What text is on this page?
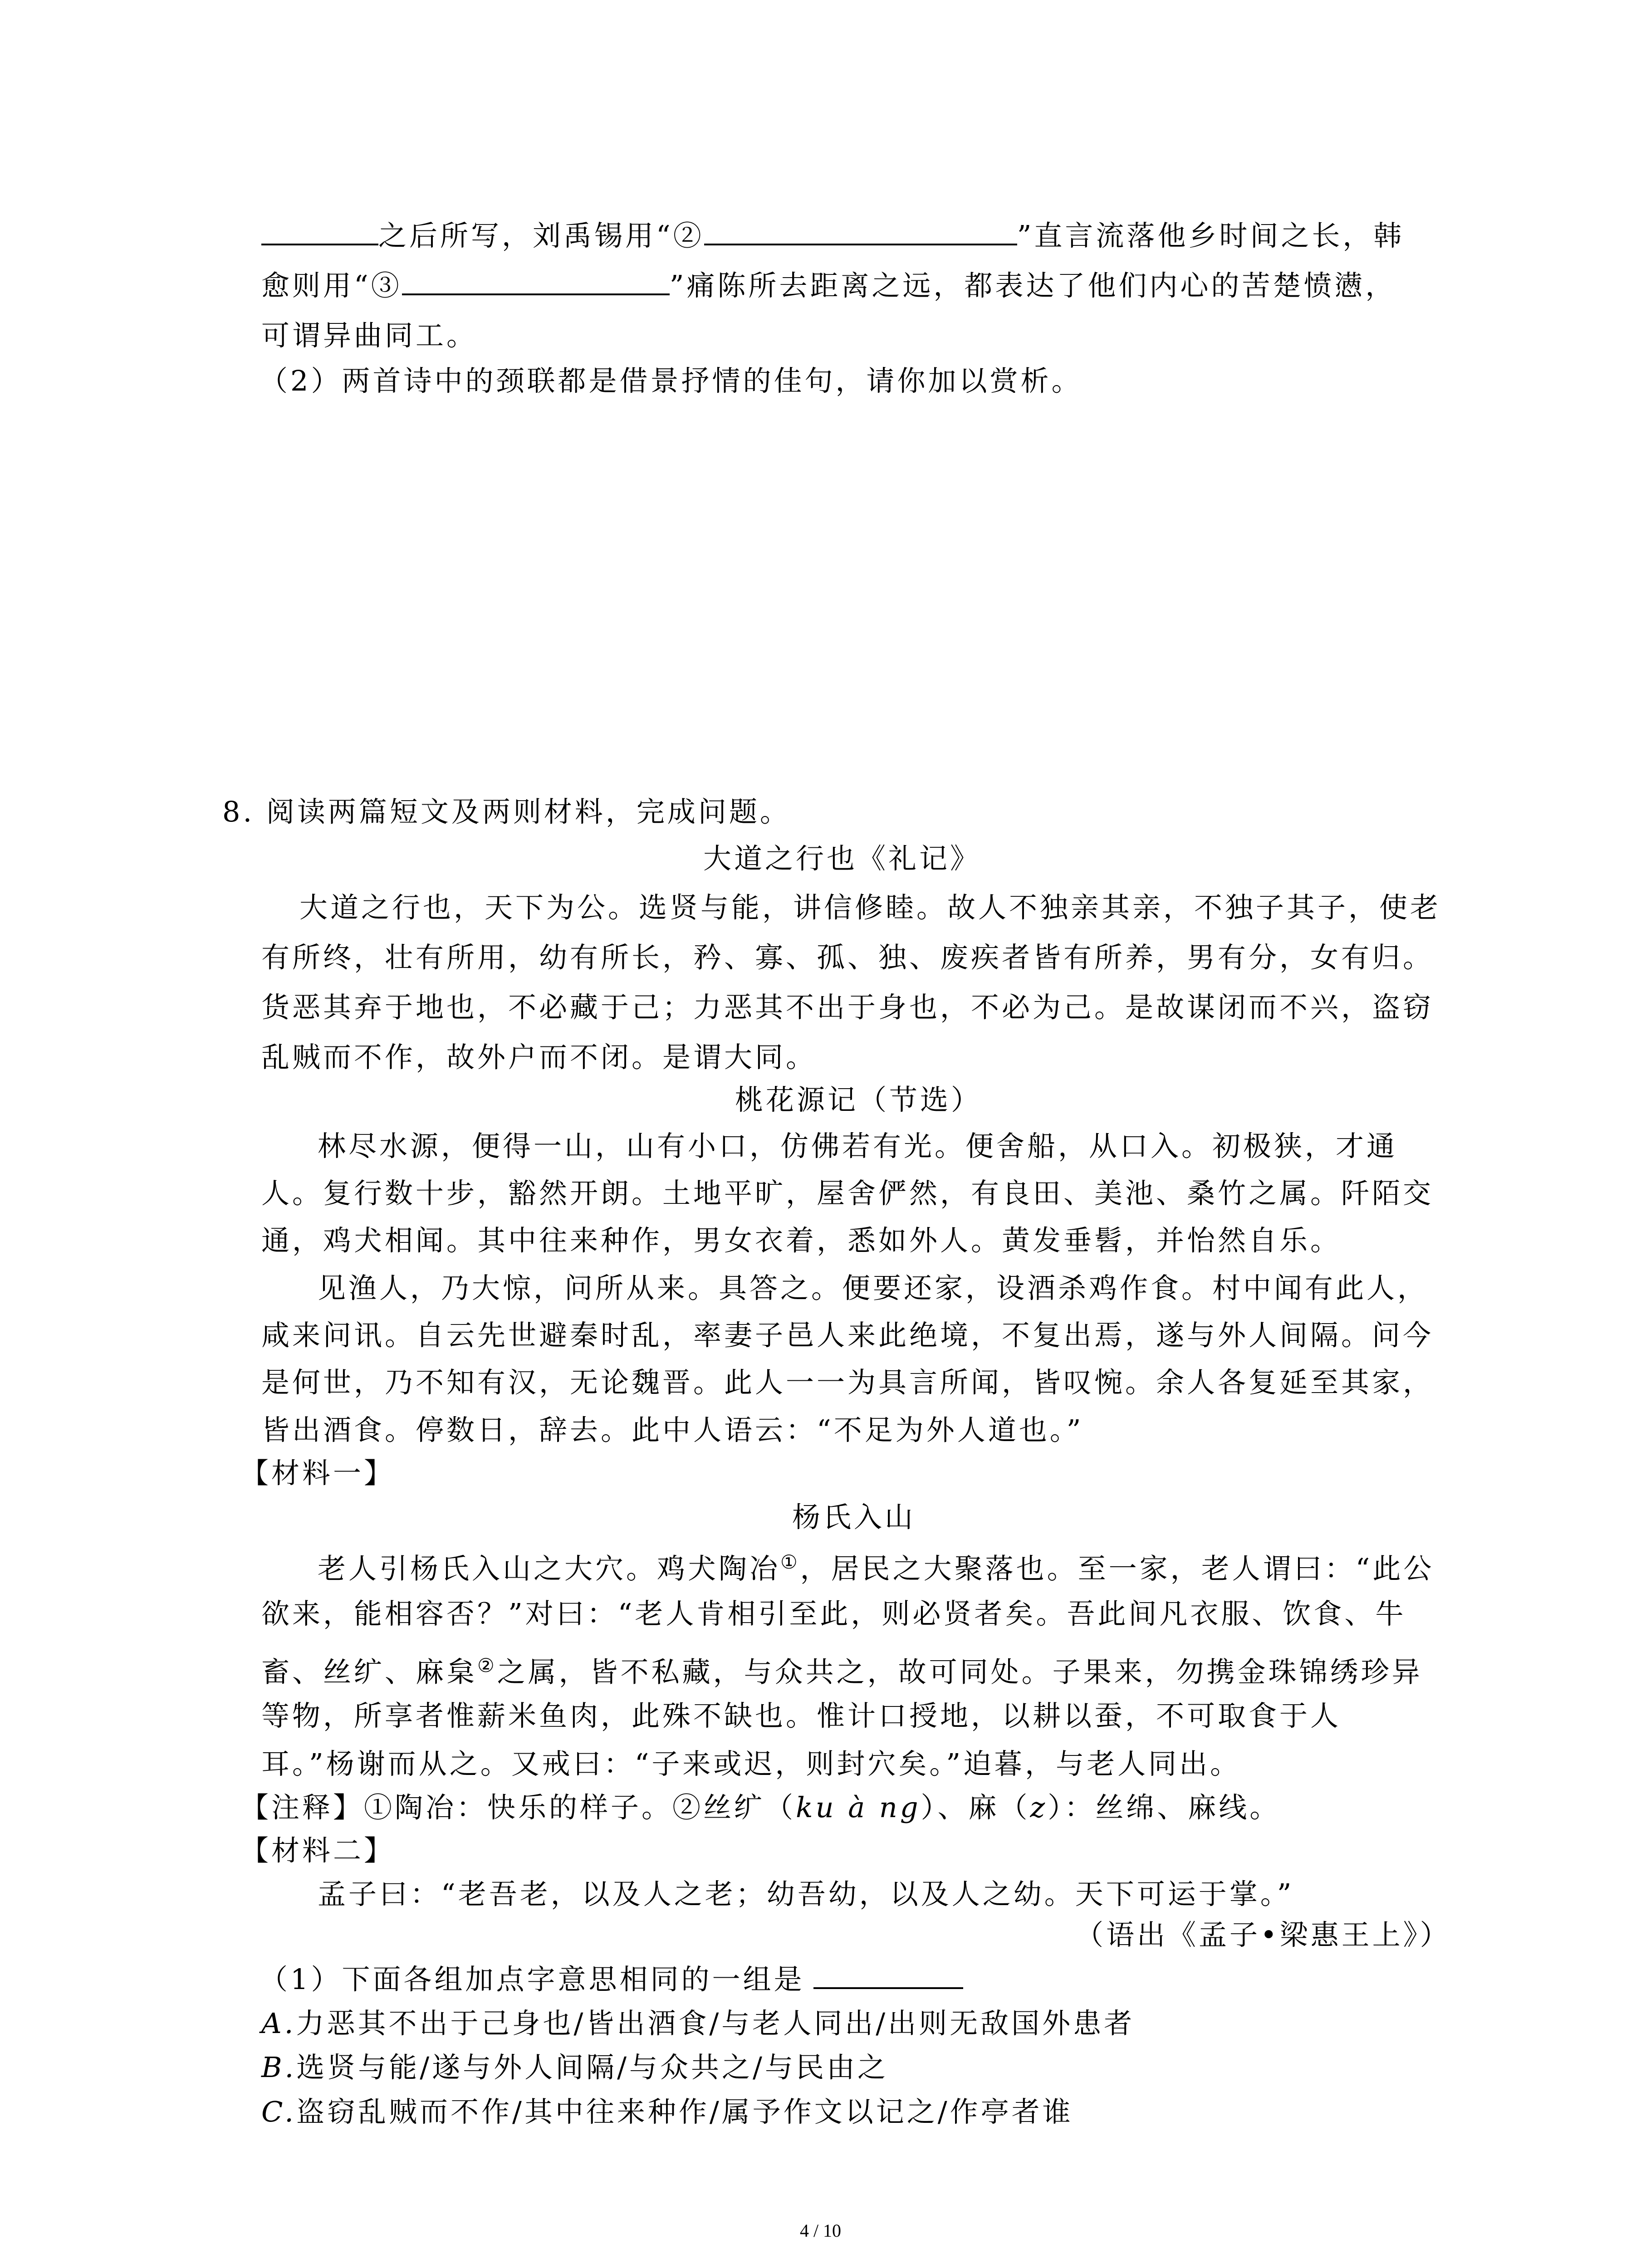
之后所写，刘禹锡用“②	”直言流落他乡时间之长，韩
愈则用“③	”痛陈所去距离之远，都表达了他们内心的苦楚愤懑，
可谓异曲同工。
（2）两首诗中的颈联都是借景抒情的佳句，请你加以赏析。
8. 阅读两篇短文及两则材料，完成问题。
大道之行也《礼记》
大道之行也，天下为公。选贤与能，讲信修睦。故人不独亲其亲，不独子其子，使老
有所终，壮有所用，幼有所长，矜、寡、孤、独、废疾者皆有所养，男有分，女有归。
货恶其弃于地也，不必藏于己；力恶其不出于身也，不必为己。是故谋闭而不兴，盗窃
乱贼而不作，故外户而不闭。是谓大同。
桃花源记（节选）
林尽水源，便得一山，山有小口，仿佛若有光。便舍船，从口入。初极狭，才通
人。复行数十步，豁然开朗。土地平旷，屋舍俨然，有良田、美池、桑竹之属。阡陌交
通，鸡犬相闻。其中往来种作，男女衣着，悉如外人。黄发垂髫，并怡然自乐。
见渔人，乃大惊，问所从来。具答之。便要还家，设酒杀鸡作食。村中闻有此人，
咸来问讯。自云先世避秦时乱，率妻子邑人来此绝境，不复出焉，遂与外人间隔。问今
是何世，乃不知有汉，无论魏晋。此人一一为具言所闻，皆叹惋。余人各复延至其家，
皆出酒食。停数日，辞去。此中人语云：“不足为外人道也。”
【材料一】
杨氏入山
老人引杨氏入山之大穴。鸡犬陶冶①，居民之大聚落也。至一家，老人谓曰：“此公
欲来，能相容否？”对曰：“老人肯相引至此，则必贤者矣。吾此间凡衣服、饮食、牛
畜、丝纩、麻枲②之属，皆不私藏，与众共之，故可同处。子果来，勿携金珠锦绣珍异
等物，所享者惟薪米鱼肉，此殊不缺也。惟计口授地，以耕以蚕，不可取食于人
耳。”杨谢而从之。又戒曰：“子来或迟，则封穴矣。”迫暮，与老人同出。
【注释】①陶冶：快乐的样子。②丝纩（ku à ng）、麻（z）：丝绵、麻线。
【材料二】
孟子曰：“老吾老，以及人之老；幼吾幼，以及人之幼。天下可运于掌。”
（语出《孟子•梁惠王上》）
（1）下面各组加点字意思相同的一组是
A.力恶其不出于己身也/皆出酒食/与老人同出/出则无敌国外患者
B.选贤与能/遂与外人间隔/与众共之/与民由之
C.盗窃乱贼而不作/其中往来种作/属予作文以记之/作亭者谁
4 / 10
